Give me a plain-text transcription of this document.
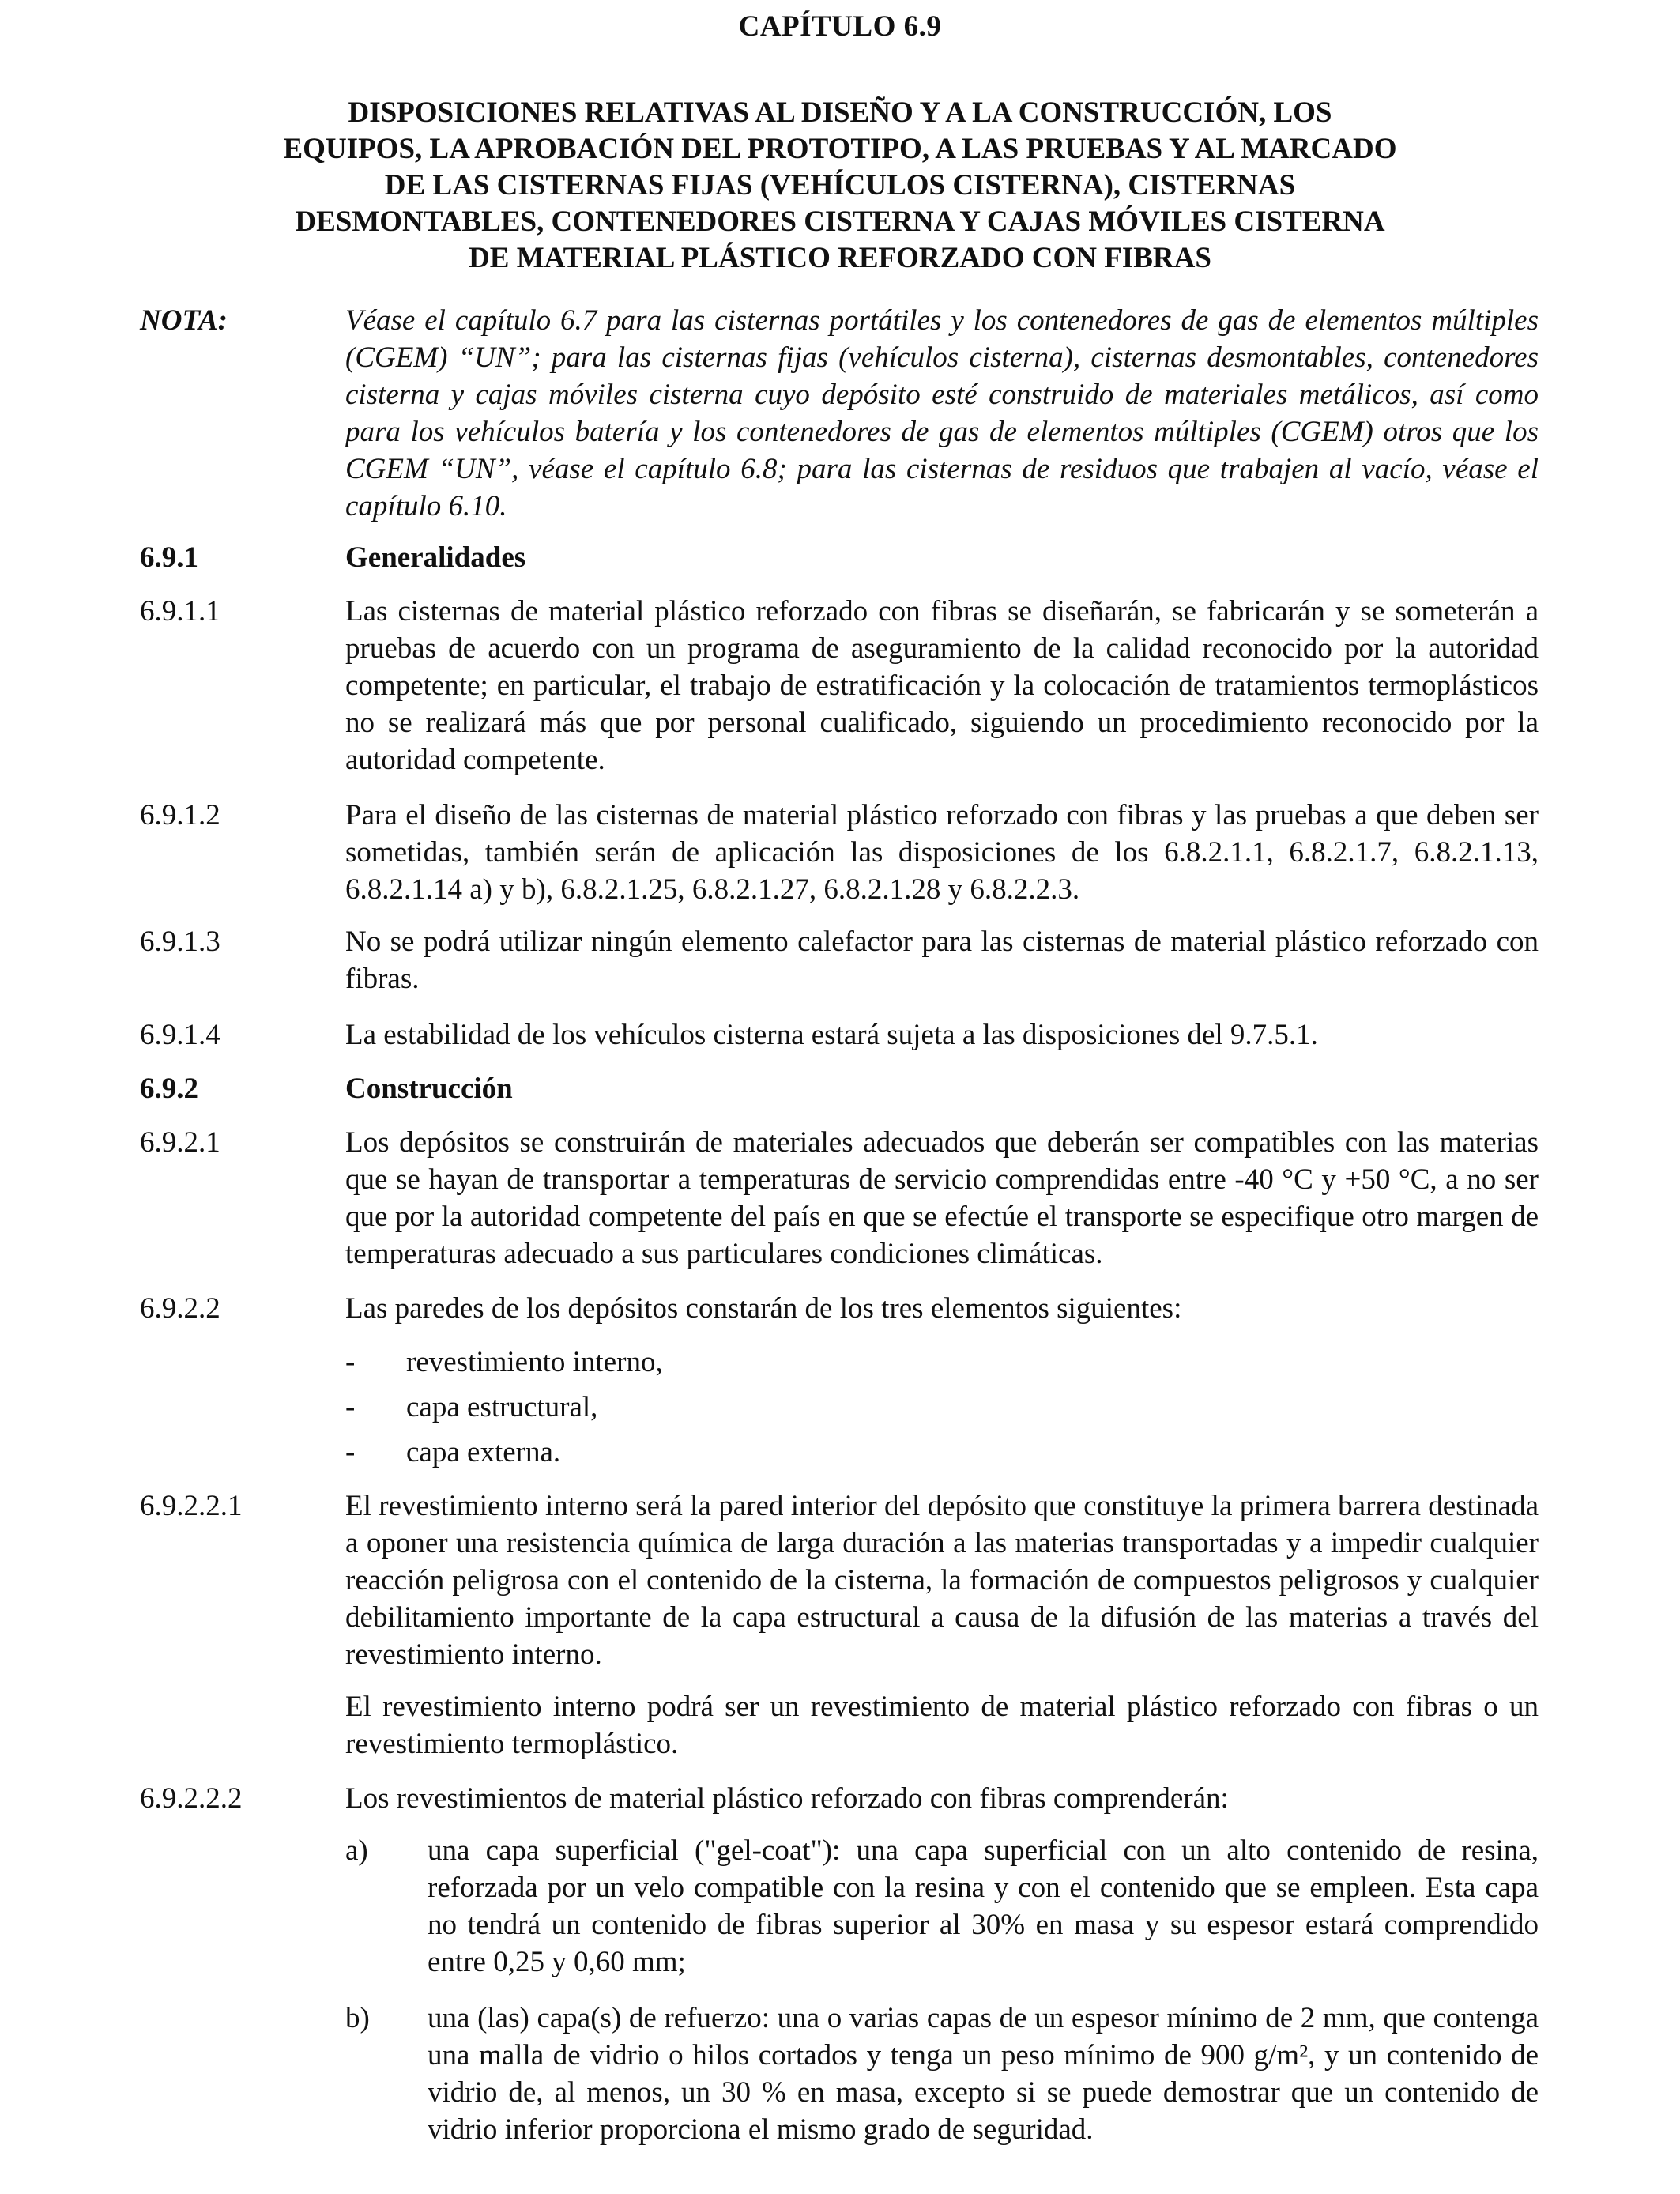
CAPÍTULO 6.9
DISPOSICIONES RELATIVAS AL DISEÑO Y A LA CONSTRUCCIÓN, LOS
EQUIPOS, LA APROBACIÓN DEL PROTOTIPO, A LAS PRUEBAS Y AL MARCADO
DE LAS CISTERNAS FIJAS (VEHÍCULOS CISTERNA), CISTERNAS
DESMONTABLES, CONTENEDORES CISTERNA Y CAJAS MÓVILES CISTERNA
DE MATERIAL PLÁSTICO REFORZADO CON FIBRAS
NOTA:	Véase el capítulo 6.7 para las cisternas portátiles y los contenedores de gas de elementos múltiples (CGEM) “UN”; para las cisternas fijas (vehículos cisterna), cisternas desmontables, contenedores cisterna y cajas móviles cisterna cuyo depósito esté construido de materiales metálicos, así como para los vehículos batería y los contenedores de gas de elementos múltiples (CGEM) otros que los CGEM “UN”, véase el capítulo 6.8; para las cisternas de residuos que trabajen al vacío, véase el capítulo 6.10.
6.9.1	Generalidades
6.9.1.1	Las cisternas de material plástico reforzado con fibras se diseñarán, se fabricarán y se someterán a pruebas de acuerdo con un programa de aseguramiento de la calidad reconocido por la autoridad competente; en particular, el trabajo de estratificación y la colocación de tratamientos termoplásticos no se realizará más que por personal cualificado, siguiendo un procedimiento reconocido por la autoridad competente.
6.9.1.2	Para el diseño de las cisternas de material plástico reforzado con fibras y las pruebas a que deben ser sometidas, también serán de aplicación las disposiciones de los 6.8.2.1.1, 6.8.2.1.7, 6.8.2.1.13, 6.8.2.1.14 a) y b), 6.8.2.1.25, 6.8.2.1.27, 6.8.2.1.28 y 6.8.2.2.3.
6.9.1.3	No se podrá utilizar ningún elemento calefactor para las cisternas de material plástico reforzado con fibras.
6.9.1.4	La estabilidad de los vehículos cisterna estará sujeta a las disposiciones del 9.7.5.1.
6.9.2	Construcción
6.9.2.1	Los depósitos se construirán de materiales adecuados que deberán ser compatibles con las materias que se hayan de transportar a temperaturas de servicio comprendidas entre -40 °C y +50 °C, a no ser que por la autoridad competente del país en que se efectúe el transporte se especifique otro margen de temperaturas adecuado a sus particulares condiciones climáticas.
6.9.2.2	Las paredes de los depósitos constarán de los tres elementos siguientes:
-	revestimiento interno,
-	capa estructural,
-	capa externa.
6.9.2.2.1	El revestimiento interno será la pared interior del depósito que constituye la primera barrera destinada a oponer una resistencia química de larga duración a las materias transportadas y a impedir cualquier reacción peligrosa con el contenido de la cisterna, la formación de compuestos peligrosos y cualquier debilitamiento importante de la capa estructural a causa de la difusión de las materias a través del revestimiento interno.
El revestimiento interno podrá ser un revestimiento de material plástico reforzado con fibras o un revestimiento termoplástico.
6.9.2.2.2	Los revestimientos de material plástico reforzado con fibras comprenderán:
a) una capa superficial ("gel-coat"): una capa superficial con un alto contenido de resina, reforzada por un velo compatible con la resina y con el contenido que se empleen. Esta capa no tendrá un contenido de fibras superior al 30% en masa y su espesor estará comprendido entre 0,25 y 0,60 mm;
b) una (las) capa(s) de refuerzo: una o varias capas de un espesor mínimo de 2 mm, que contenga una malla de vidrio o hilos cortados y tenga un peso mínimo de 900 g/m², y un contenido de vidrio de, al menos, un 30 % en masa, excepto si se puede demostrar que un contenido de vidrio inferior proporciona el mismo grado de seguridad.
